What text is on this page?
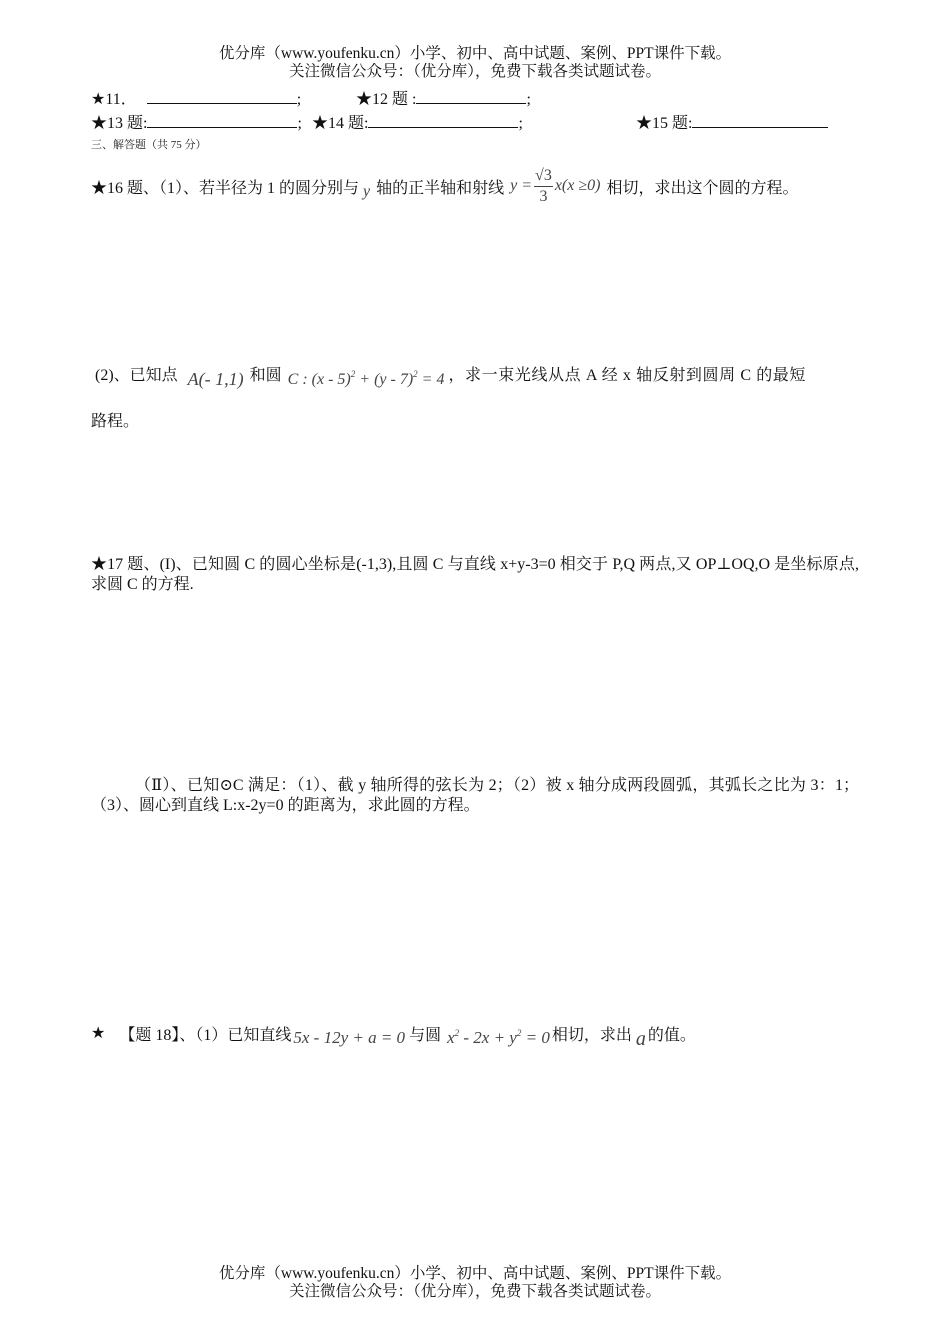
优分库（www.youfenku.cn）小学、初中、高中试题、案例、PPT课件下载。
关注微信公众号：（优分库），免费下载各类试题试卷。
★11．	;	★12 题 :	;
★13 题:	; ★14 题:	;	★15 题:
三、解答题（共 75 分）
★16 题、（1）、若半径为 1 的圆分别与 y 轴的正半轴和射线 $y = \frac{√3}{3} x(x \ge 0)$ 相切，求出这个圆的方程。
(2)、已知点 A(- 1,1) 和圆 C : (x - 5)$^2$ + (y - 7)$^2$ = 4 ，求一束光线从点 A 经 x 轴反射到圆周 C 的最短
路程。
★17 题、(I)、已知圆 C 的圆心坐标是(-1,3),且圆 C 与直线 x+y-3=0 相交于 P,Q 两点,又 OP⊥OQ,O 是坐标原点,求圆 C 的方程.
（Ⅱ）、已知⊙C 满足：（1）、截 y 轴所得的弦长为 2；（2）被 x 轴分成两段圆弧，其弧长之比为 3：1；（3）、圆心到直线 L:x-2y=0 的距离为，求此圆的方程。
★ 【题 18】、（1）已知直线 5x - 12y + a = 0 与圆 $x^2 - 2x + y^2 = 0$ 相切，求出 a 的值。
优分库（www.youfenku.cn）小学、初中、高中试题、案例、PPT课件下载。
关注微信公众号：（优分库），免费下载各类试题试卷。
